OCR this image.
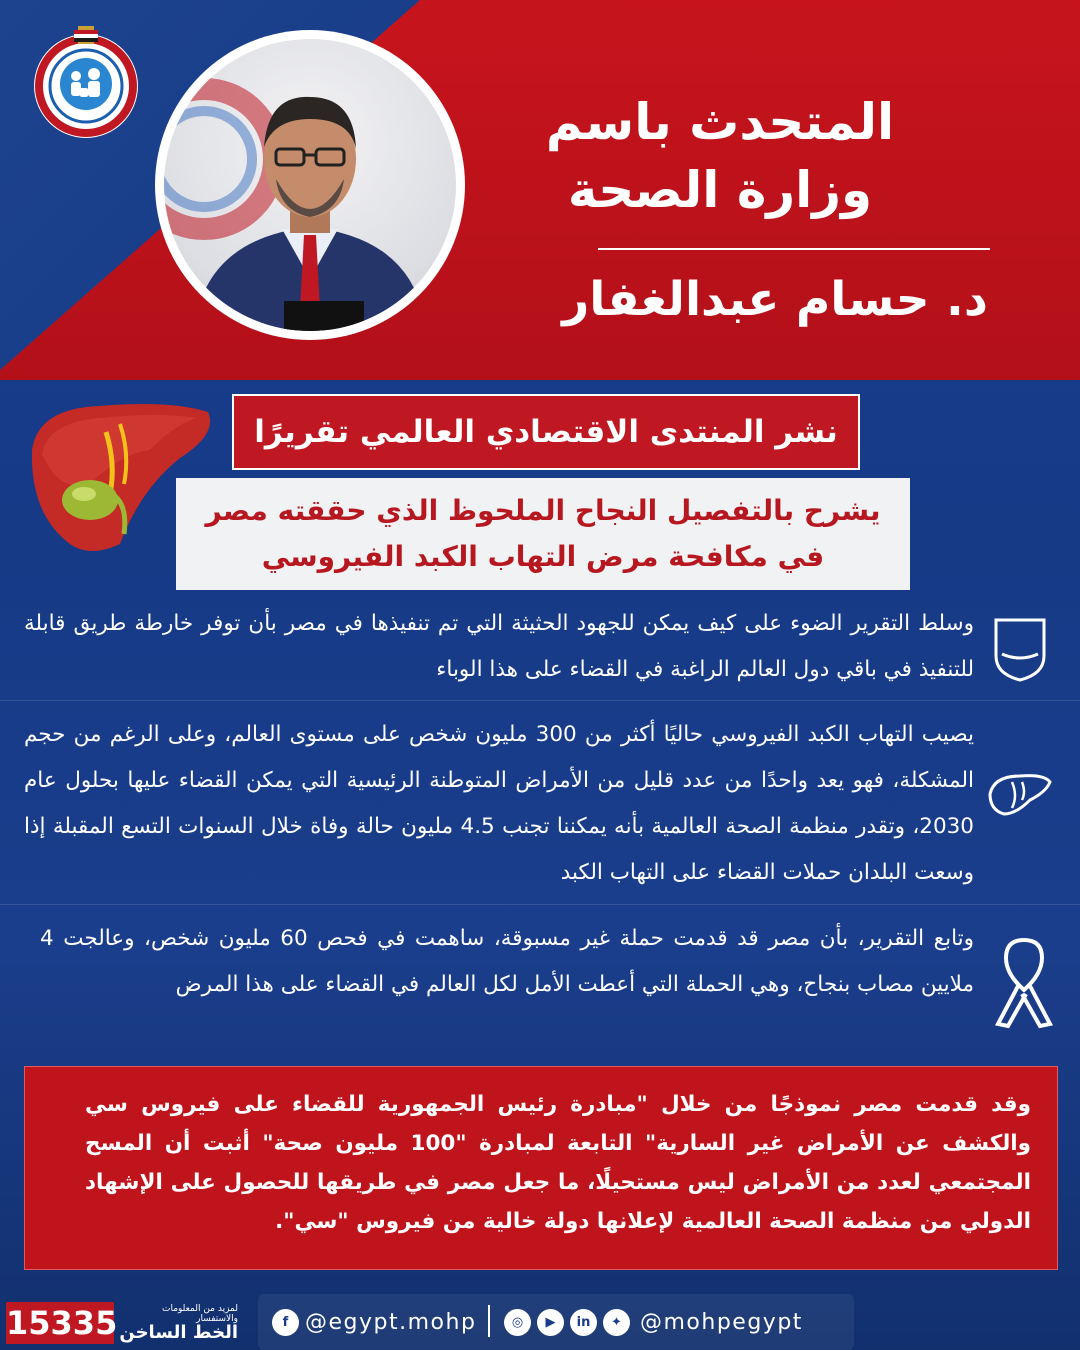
المتحدث باسم
وزارة الصحة
د. حسام عبدالغفار
نشر المنتدى الاقتصادي العالمي تقريرًا
يشرح بالتفصيل النجاح الملحوظ الذي حققته مصر
في مكافحة مرض التهاب الكبد الفيروسي

وسلط التقرير الضوء على كيف يمكن للجهود الحثيثة التي تم تنفيذها في مصر بأن توفر خارطة طريق قابلة للتنفيذ في باقي دول العالم الراغبة في القضاء على هذا الوباء

يصيب التهاب الكبد الفيروسي حاليًا أكثر من 300 مليون شخص على مستوى العالم، وعلى الرغم من حجم المشكلة، فهو يعد واحدًا من عدد قليل من الأمراض المتوطنة الرئيسية التي يمكن القضاء عليها بحلول عام 2030، وتقدر منظمة الصحة العالمية بأنه يمكننا تجنب 4.5 مليون حالة وفاة خلال السنوات التسع المقبلة إذا وسعت البلدان حملات القضاء على التهاب الكبد

وتابع التقرير، بأن مصر قد قدمت حملة غير مسبوقة، ساهمت في فحص 60 مليون شخص، وعالجت 4 ملايين مصاب بنجاح، وهي الحملة التي أعطت الأمل لكل العالم في القضاء على هذا المرض

وقد قدمت مصر نموذجًا من خلال "مبادرة رئيس الجمهورية للقضاء على فيروس سي والكشف عن الأمراض غير السارية" التابعة لمبادرة "100 مليون صحة" أثبت أن المسح المجتمعي لعدد من الأمراض ليس مستحيلًا، ما جعل مصر في طريقها للحصول على الإشهاد الدولي من منظمة الصحة العالمية لإعلانها دولة خالية من فيروس "سي".
f @egypt.mohp	◎	▶	in	✦ @mohpegypt
15335	لمزيد من المعلومات والاستفسار
الخط الساخن
